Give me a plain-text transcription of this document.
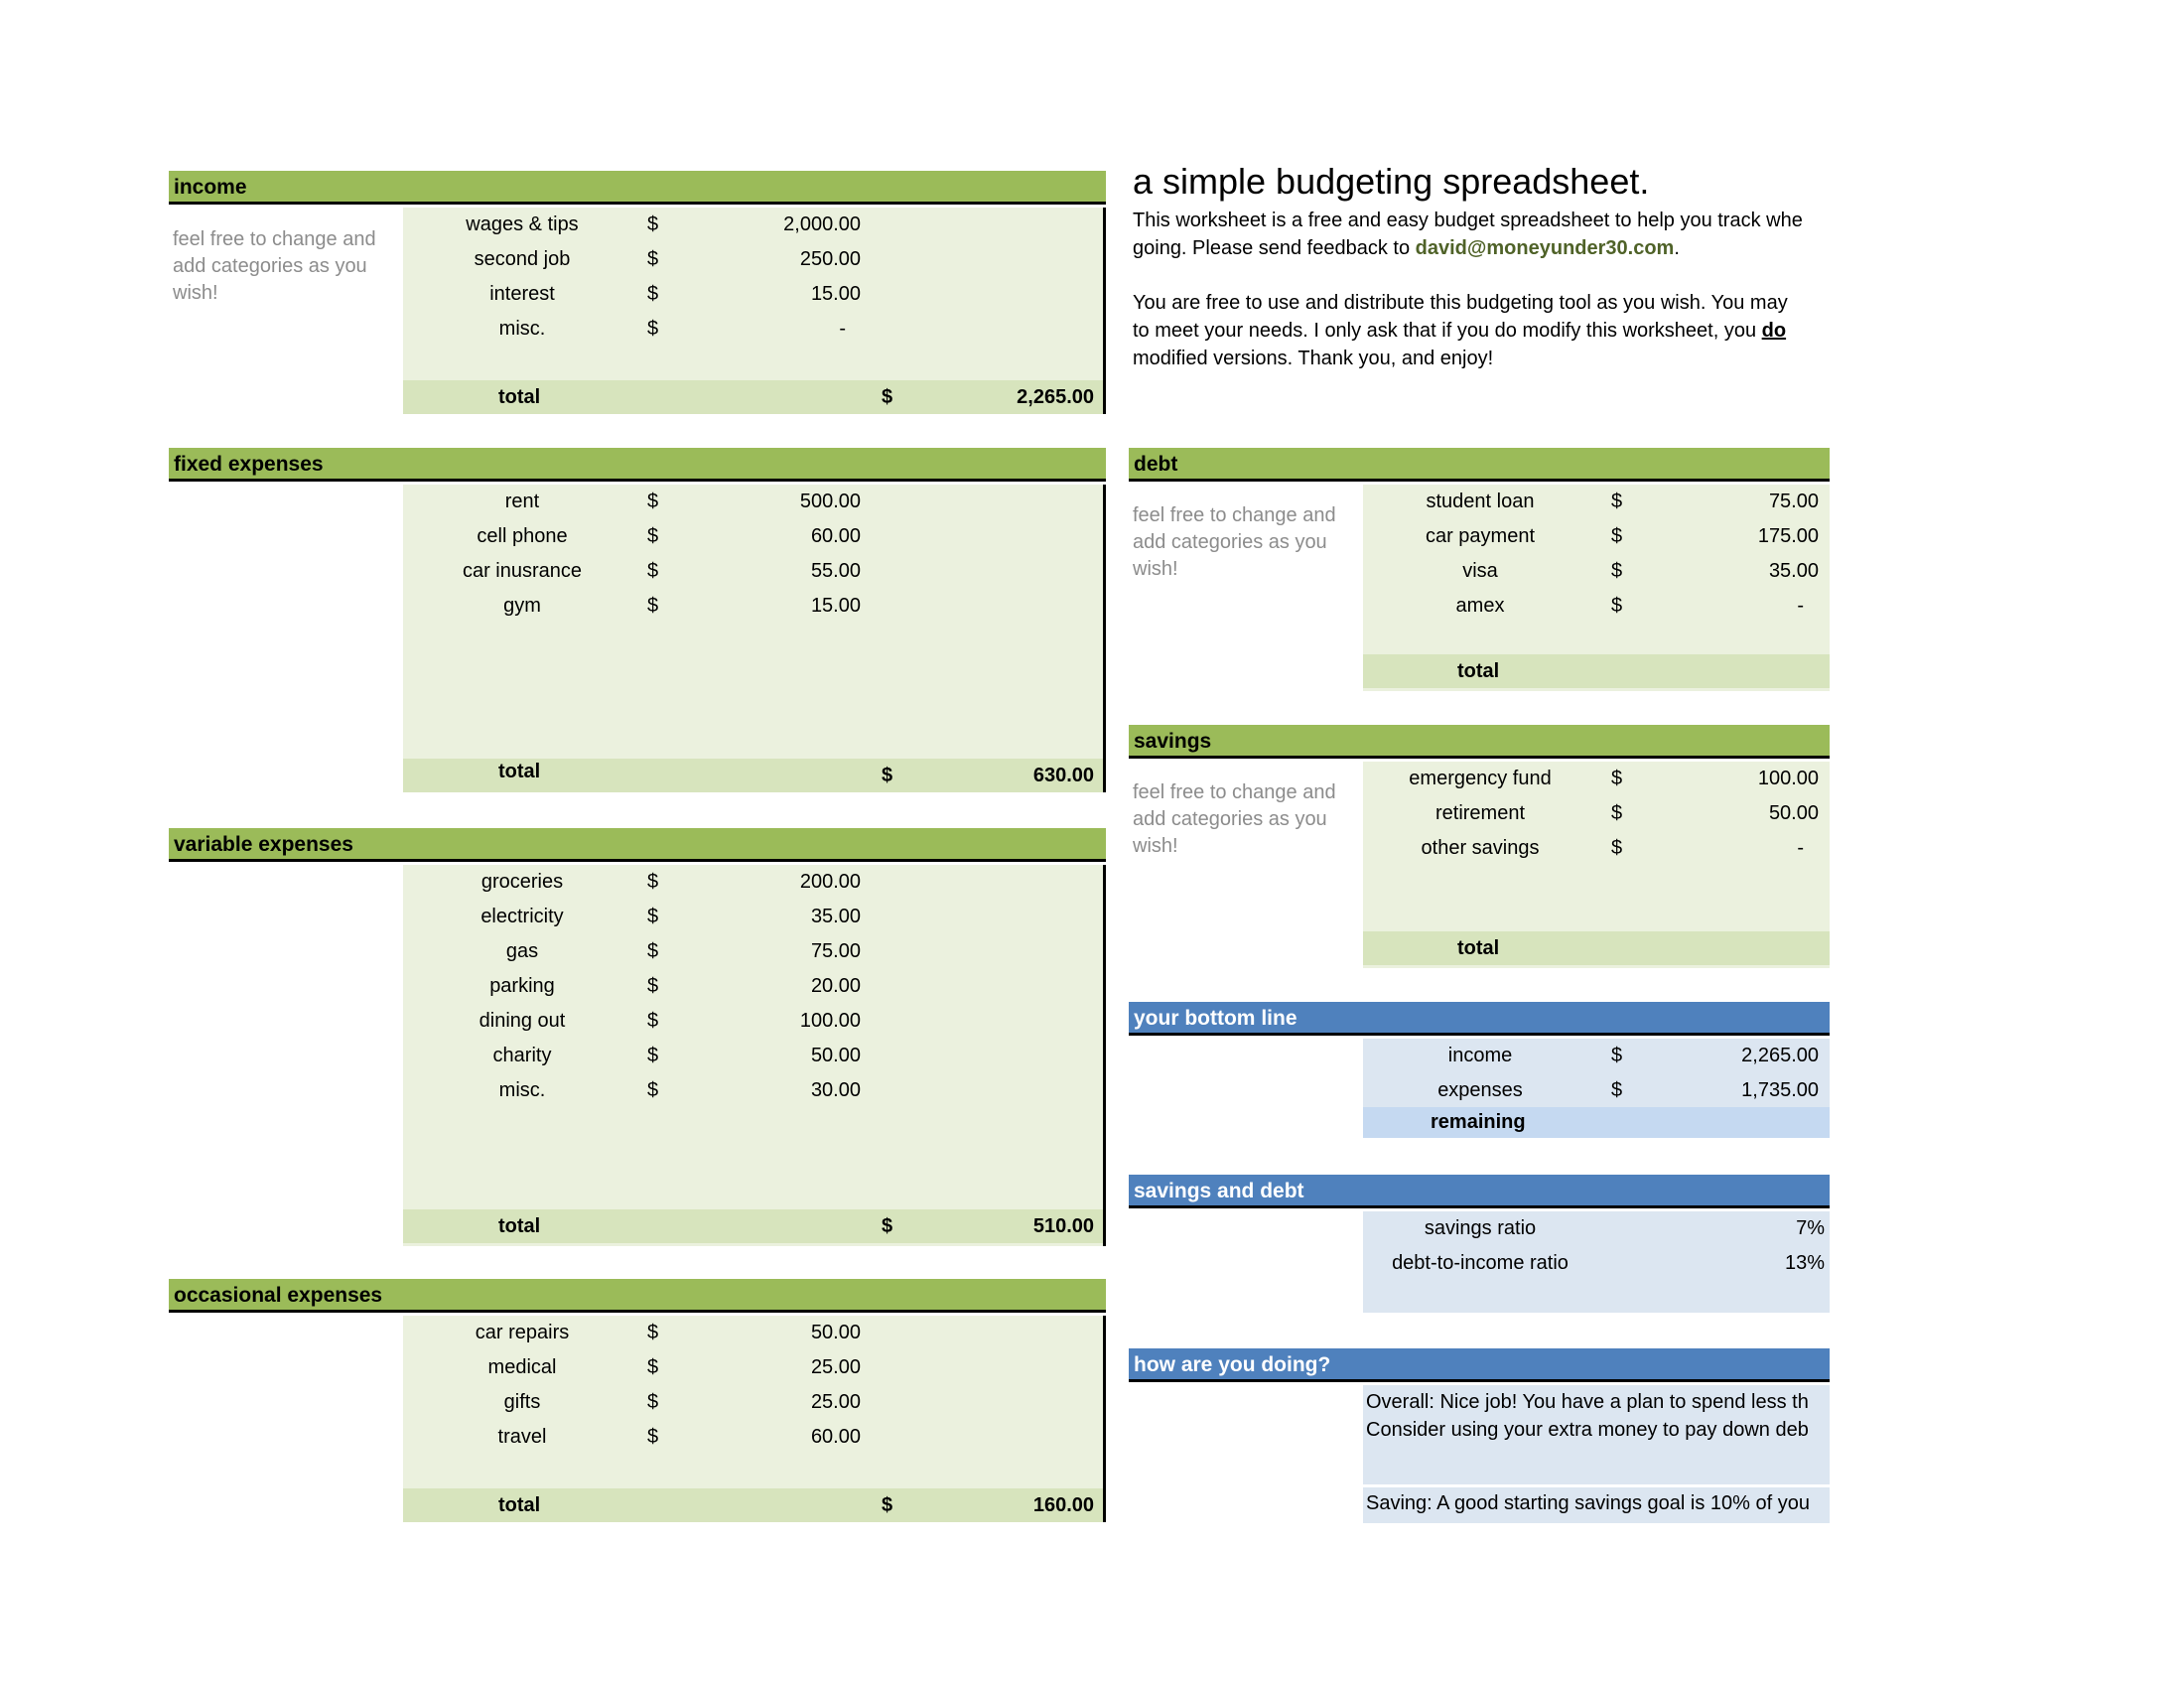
a simple budgeting spreadsheet.
This worksheet is a free and easy budget spreadsheet to help you track whe
going. Please send feedback to david@moneyunder30.com.
You are free to use and distribute this budgeting tool as you wish. You may
to meet your needs. I only ask that if you do modify this worksheet, you do
modified versions. Thank you, and enjoy!
income
feel free to change and add categories as you wish!
wages & tips	$	2,000.00
second job	$	250.00
interest	$	15.00
misc.	$	-
total	$	2,265.00
fixed expenses
rent	$	500.00
cell phone	$	60.00
car inusrance	$	55.00
gym	$	15.00
total	$	630.00
variable expenses
groceries	$	200.00
electricity	$	35.00
gas	$	75.00
parking	$	20.00
dining out	$	100.00
charity	$	50.00
misc.	$	30.00
total	$	510.00
occasional expenses
car repairs	$	50.00
medical	$	25.00
gifts	$	25.00
travel	$	60.00
total	$	160.00
debt
feel free to change and add categories as you wish!
student loan	$	75.00
car payment	$	175.00
visa	$	35.00
amex	$	-
total
savings
feel free to change and add categories as you wish!
emergency fund	$	100.00
retirement	$	50.00
other savings	$	-
total
your bottom line
income	$	2,265.00
expenses	$	1,735.00
remaining
savings and debt
savings ratio	7%
debt-to-income ratio	13%
how are you doing?
Overall: Nice job! You have a plan to spend less th
Consider using your extra money to pay down deb
Saving: A good starting savings goal is 10% of you
